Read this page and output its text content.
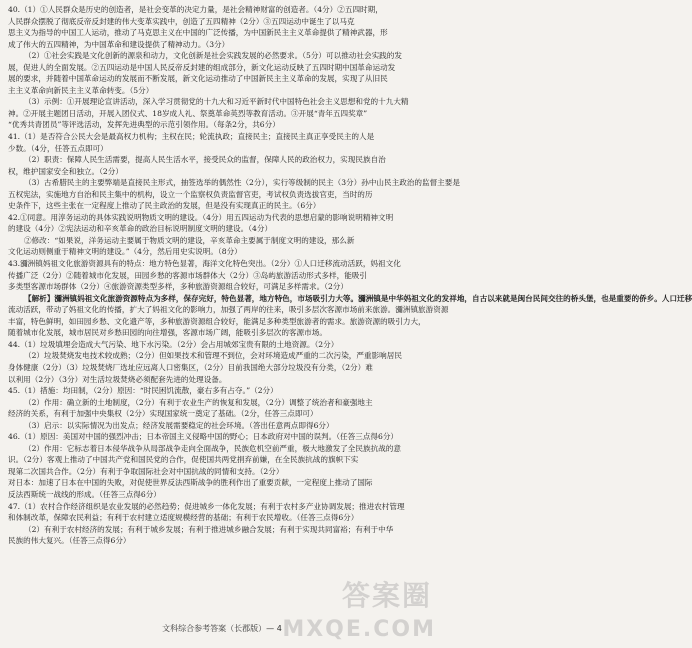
40.（1）①人民群众是历史的创造者，是社会变革的决定力量，是社会精神财富的创造者。（4分）②五四时期，
人民群众摆脱了彻底反帝反封建的伟大变革实践中，创造了五四精神（2分）③五四运动中诞生了以马克
思主义为指导的中国工人运动，推动了马克思主义在中国的广泛传播，为中国新民主主义革命提供了精神武器，形
成了伟大的五四精神，为中国革命和建设提供了精神动力。（3分）
（2）①社会实践是文化创新的源泉和动力，文化创新是社会实践发展的必然要求。（5分）可以推动社会实践的发
展，促进人的全面发展。②五四运动是中国人民反帝反封建的组成部分，新文化运动反映了五四时期中国革命运动发
展的要求，并随着中国革命运动的发展而不断发展，新文化运动推动了中国新民主主义革命的发展，实现了从旧民
主主义革命向新民主主义革命转变。（5分）
（3）示例：①开展理论宣讲活动，深入学习贯彻党的十九大和习近平新时代中国特色社会主义思想和党的十九大精
神。②开展主题团日活动，开展入团仪式、18岁成人礼、祭奠革命英烈等教育活动。③开展“青年五四奖章”
“优秀共青团员”等评选活动，发挥先进典型的示范引领作用。（每条2分，共6分）
41.（1）是否符合公民大会是最高权力机构；主权在民；轮流执政；直接民主；直接民主真正享受民主的人是
少数。（4分，任答五点即可）
（2）职责：保障人民生活需要，提高人民生活水平，接受民众的监督，保障人民的政治权力，实现民族自治
权，维护国家安全和独立。（2分）
（3）古希腊民主的主要弊端是直接民主形式，抽签选举的偶然性（2分），实行等级制的民主（3分）孙中山民主政治的监督主要是
五权宪法，实施地方自治和民主集中的机构，设立一个监察权负责监督官吏，考试权负责选拔官吏，当时的历
史条件下，这些主张在一定程度上推动了民主政治的发展，但是没有实现真正的民主。（6分）
42.①同意。用淳务运动的具体实践说明物质文明的建设。（4分）用五四运动为代表的思想启蒙的影响说明精神文明
的建设（4分）②宪法运动和辛亥革命的政治目标说明制度文明的建设。（4分）
②修改：“如果说，洋务运动主要属于物质文明的建设，辛亥革命主要属于制度文明的建设，那么新
文化运动则侧重于精神文明的建设。”（4分，然后用史实说明。（8分）
43.瀰洲镇妈祖文化旅游资源具有的特点：地方特色显著，海洋文化特色突出。（2分）①人口迁移流动活跃，妈祖文化
传播广泛（2分）②随着城市化发展，田园乡愁的客源市场群体大（2分）③岛屿旅游活动形式多样，能吸引
多类型客源市场群体（2分）④旅游资源类型多样，多种旅游资源组合较好，可满足多样需求。（2分）
【解析】瀰洲镇妈祖文化旅游资源特点为多样，保存完好，特色显著，地方特色，市场吸引力大等。瀰洲镇是中华妈祖文化的发祥地，自古以来就是闽台民间交往的桥头堡，也是重要的侨乡。人口迁移
流动活跃，带动了妈祖文化的传播，扩大了妈祖文化的影响力，加强了两岸的往来，吸引多层次客源市场前来旅游。瀰洲镇旅游资源
丰富，特色鲜明，如田园乡愁、文化遗产等，多种旅游资源组合较好，能满足多种类型旅游者的需求。旅游资源的吸引力大，
随着城市化发展，城市居民对乡愁田园的向往增强，客源市场广阔，能吸引多层次的客源市场。
44.（1）垃圾填埋会造成大气污染、地下水污染。（2分）会占用城郊宝贵有限的土地资源。（2分）
（2）垃圾焚烧发电技术较成熟；（2分）但如果技术和管理不到位，会对环境造成严重的二次污染，严重影响居民
身体健康（2分）（3）垃圾焚烧厂选址应远离人口密集区，（2分）目前我国绝大部分垃圾没有分类，（2分）难
以利用（2分）（3分）对生活垃圾焚烧必须配套先进的处理设备。
45.（1）措施：均田制，（2分）原因：“时民困饥流散，豪右多有占夺。”（2分）
（2）作用：确立新的土地制度，（2分）有利于农业生产的恢复和发展，（2分）调整了统治者和豪强地主
经济的关系，有利于加强中央集权（2分）实现国家统一奠定了基础。（2分，任答三点即可）
（3）启示：以实际情况为出发点；经济发展需要稳定的社会环境。（答出任意两点即得6分）
46.（1）原因：美国对中国的强烈冲击；日本帝国主义侵略中国的野心；日本政府对中国的误判。（任答三点得6分）
（2）作用：它标志着日本侵华战争从局部战争走向全面战争，民族危机空前严重，极大地激发了全民族抗战的意
识。（2分）客观上推动了中国共产党和国民党的合作，促使国共两党捐弃前嫌，在全民族抗战的旗帜下实
现第二次国共合作。（2分）有利于争取国际社会对中国抗战的同情和支持。（2分）
对日本：加速了日本在中国的失败，对促使世界反法西斯战争的胜利作出了重要贡献，一定程度上推动了国际
反法西斯统一战线的形成。（任答三点得6分）
47.（1）农村合作经济组织是农业发展的必然趋势；促进城乡一体化发展；有利于农村多产业协调发展；推进农村管理
和体制改革，保障农民利益；有利于农村建立适度规模经营的基础；有利于农民增收。（任答三点得6分）
（2）有利于农村经济的发展；有利于城乡发展；有利于推进城乡融合发展；有利于实现共同富裕；有利于中华
民族的伟大复兴。（任答三点得6分）
文科综合参考答案（长郡版）— 4
答案圈
MXQE.COM
